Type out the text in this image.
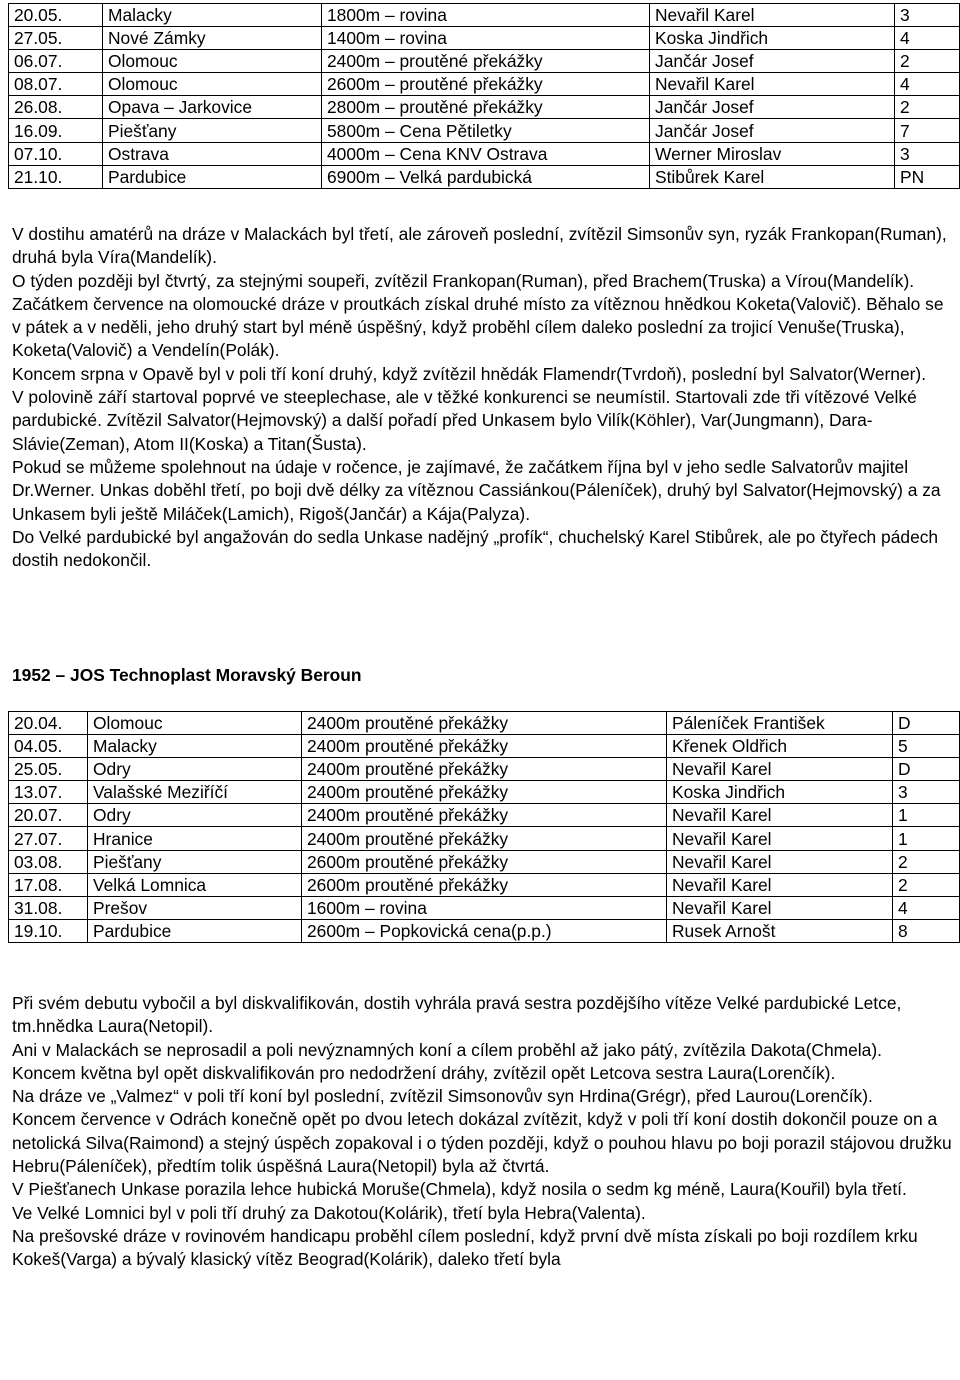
20.05.	Malacky	1800m – rovina	Nevařil Karel	3
27.05.	Nové Zámky	1400m – rovina	Koska Jindřich	4
06.07.	Olomouc	2400m – proutěné překážky	Jančár Josef	2
08.07.	Olomouc	2600m – proutěné překážky	Nevařil Karel	4
26.08.	Opava – Jarkovice	2800m – proutěné překážky	Jančár Josef	2
16.09.	Piešťany	5800m – Cena Pětiletky	Jančár Josef	7
07.10.	Ostrava	4000m – Cena KNV Ostrava	Werner Miroslav	3
21.10.	Pardubice	6900m – Velká pardubická	Stibůrek Karel	PN

V dostihu amatérů na dráze v Malackách byl třetí, ale zároveň poslední, zvítězil Simsonův syn, ryzák Frankopan(Ruman), druhá byla Víra(Mandelík).

O týden později byl čtvrtý, za stejnými soupeři, zvítězil Frankopan(Ruman), před Brachem(Truska) a Vírou(Mandelík).

Začátkem července na olomoucké dráze v proutkách získal druhé místo za vítěznou hnědkou Koketa(Valovič). Běhalo se v pátek a v neděli, jeho druhý start byl méně úspěšný, když proběhl cílem daleko poslední za trojicí Venuše(Truska), Koketa(Valovič) a Vendelín(Polák).

Koncem srpna v Opavě byl v poli tří koní druhý, když zvítězil hnědák Flamendr(Tvrdoň), poslední byl Salvator(Werner).

V polovině září startoval poprvé ve steeplechase, ale v těžké konkurenci se neumístil. Startovali zde tři vítězové Velké pardubické. Zvítězil Salvator(Hejmovský) a další pořadí před Unkasem bylo Vilík(Köhler), Var(Jungmann), Dara-Slávie(Zeman), Atom II(Koska) a Titan(Šusta).

Pokud se můžeme spolehnout na údaje v ročence, je zajímavé, že začátkem října byl v jeho sedle Salvatorův majitel Dr.Werner. Unkas doběhl třetí, po boji dvě délky za vítěznou Cassiánkou(Páleníček), druhý byl Salvator(Hejmovský) a za Unkasem byli ještě Miláček(Lamich), Rigoš(Jančár) a Kája(Palyza).

Do Velké pardubické byl angažován do sedla Unkase nadějný „profík“, chuchelský Karel Stibůrek, ale po čtyřech pádech dostih nedokončil.

1952 – JOS Technoplast Moravský Beroun
20.04.	Olomouc	2400m proutěné překážky	Páleníček František	D
04.05.	Malacky	2400m proutěné překážky	Křenek Oldřich	5
25.05.	Odry	2400m proutěné překážky	Nevařil Karel	D
13.07.	Valašské Meziříčí	2400m proutěné překážky	Koska Jindřich	3
20.07.	Odry	2400m proutěné překážky	Nevařil Karel	1
27.07.	Hranice	2400m proutěné překážky	Nevařil Karel	1
03.08.	Piešťany	2600m proutěné překážky	Nevařil Karel	2
17.08.	Velká Lomnica	2600m proutěné překážky	Nevařil Karel	2
31.08.	Prešov	1600m – rovina	Nevařil Karel	4
19.10.	Pardubice	2600m – Popkovická cena(p.p.)	Rusek Arnošt	8

Při svém debutu vybočil a byl diskvalifikován, dostih vyhrála pravá sestra pozdějšího vítěze Velké pardubické Letce, tm.hnědka Laura(Netopil).

Ani v Malackách se neprosadil a poli nevýznamných koní a cílem proběhl až jako pátý, zvítězila Dakota(Chmela).

Koncem května byl opět diskvalifikován pro nedodržení dráhy, zvítězil opět Letcova sestra Laura(Lorenčík).

Na dráze ve „Valmez“ v poli tří koní byl poslední, zvítězil Simsonovův syn Hrdina(Grégr), před Laurou(Lorenčík).

Koncem července v Odrách konečně opět po dvou letech dokázal zvítězit, když v poli tří koní dostih dokončil pouze on a netolická Silva(Raimond) a stejný úspěch zopakoval i o týden později, když o pouhou hlavu po boji porazil stájovou družku Hebru(Páleníček), předtím tolik úspěšná Laura(Netopil) byla až čtvrtá.

V Piešťanech Unkase porazila lehce hubická Moruše(Chmela), když nosila o sedm kg méně, Laura(Kouřil) byla třetí.

Ve Velké Lomnici byl v poli tří druhý za Dakotou(Kolárik), třetí byla Hebra(Valenta).

Na prešovské dráze v rovinovém handicapu proběhl cílem poslední, když první dvě místa získali po boji rozdílem krku Kokeš(Varga) a bývalý klasický vítěz Beograd(Kolárik), daleko třetí byla
